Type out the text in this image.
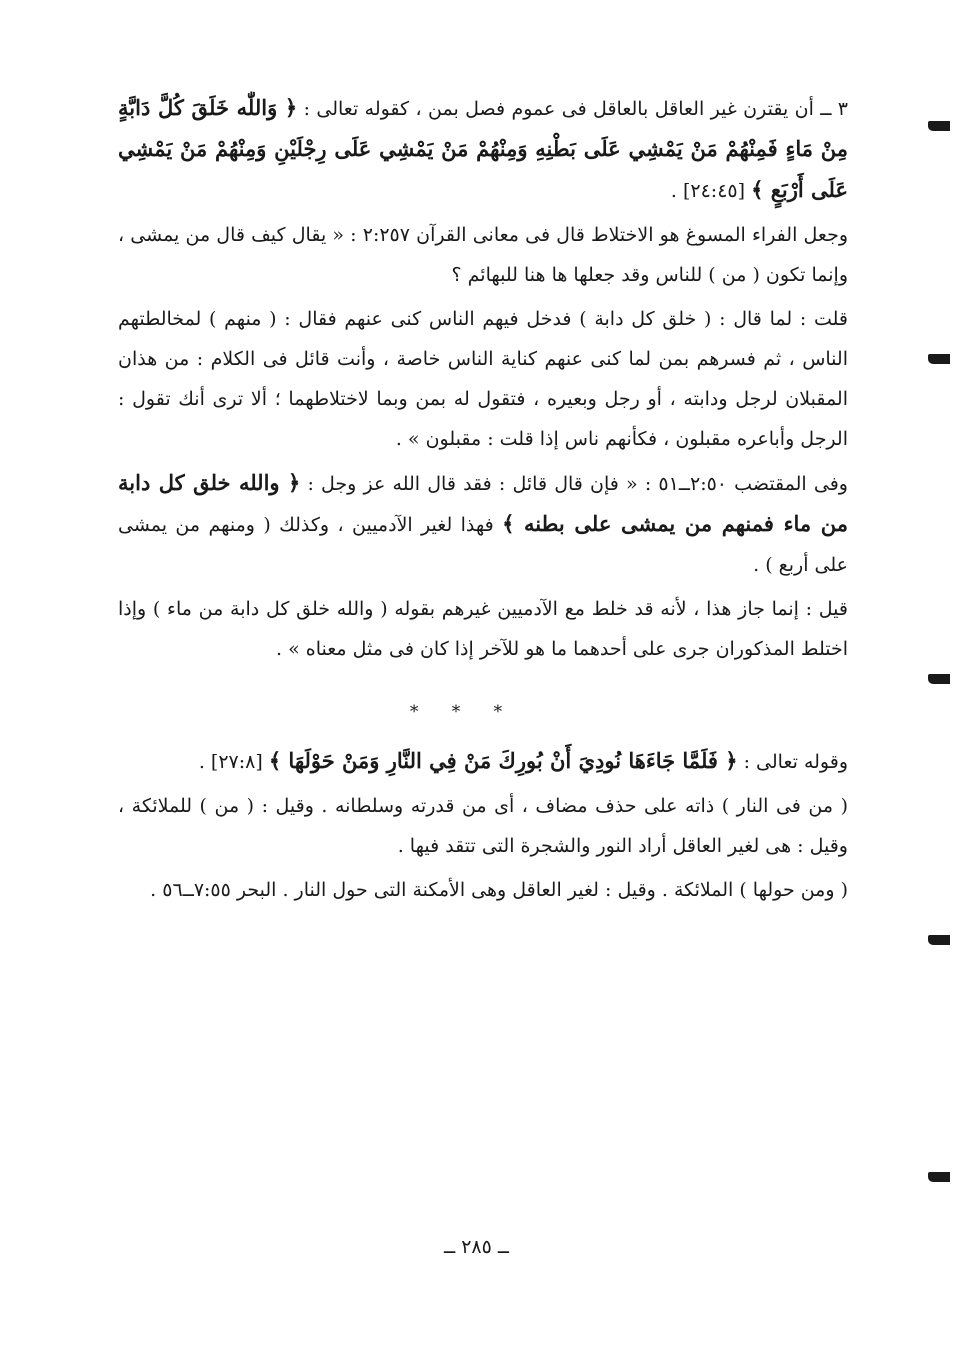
٣ ــ أن يقترن غير العاقل بالعاقل فى عموم فصل بمن ، كقوله تعالى : ﴿ وَاللّٰه خَلَقَ كُلَّ دَابَّةٍ مِنْ مَاءٍ فَمِنْهُمْ مَنْ يَمْشِي عَلَى بَطْنِهِ وَمِنْهُمْ مَنْ يَمْشِي عَلَى رِجْلَيْنِ وَمِنْهُمْ مَنْ يَمْشِي عَلَى أَرْبَعٍ ﴾ [٢٤:٤٥] .

وجعل الفراء المسوغ هو الاختلاط قال فى معانى القرآن ٢:٢٥٧ : « يقال كيف قال من يمشى ، وإنما تكون ( من ) للناس وقد جعلها ها هنا للبهائم ؟

قلت : لما قال : ( خلق كل دابة ) فدخل فيهم الناس كنى عنهم فقال : ( منهم ) لمخالطتهم الناس ، ثم فسرهم بمن لما كنى عنهم كناية الناس خاصة ، وأنت قائل فى الكلام : من هذان المقبلان لرجل ودابته ، أو رجل وبعيره ، فتقول له بمن وبما لاختلاطهما ؛ ألا ترى أنك تقول : الرجل وأباعره مقبلون ، فكأنهم ناس إذا قلت : مقبلون » .

وفى المقتضب ٢:٥٠ــ٥١ : « فإن قال قائل : فقد قال الله عز وجل : ﴿ والله خلق كل دابة من ماء فمنهم من يمشى على بطنه ﴾ فهذا لغير الآدميين ، وكذلك ( ومنهم من يمشى على أربع ) .

قيل : إنما جاز هذا ، لأنه قد خلط مع الآدميين غيرهم بقوله ( والله خلق كل دابة من ماء ) وإذا اختلط المذكوران جرى على أحدهما ما هو للآخر إذا كان فى مثل معناه » .

* * *

وقوله تعالى : ﴿ فَلَمَّا جَاءَهَا نُودِيَ أَنْ بُورِكَ مَنْ فِي النَّارِ وَمَنْ حَوْلَهَا ﴾ [٢٧:٨] .

( من فى النار ) ذاته على حذف مضاف ، أى من قدرته وسلطانه . وقيل : ( من ) للملائكة ، وقيل : هى لغير العاقل أراد النور والشجرة التى تتقد فيها .

( ومن حولها ) الملائكة . وقيل : لغير العاقل وهى الأمكنة التى حول النار . البحر ٧:٥٥ــ٥٦ .

ــ ٢٨٥ ــ
